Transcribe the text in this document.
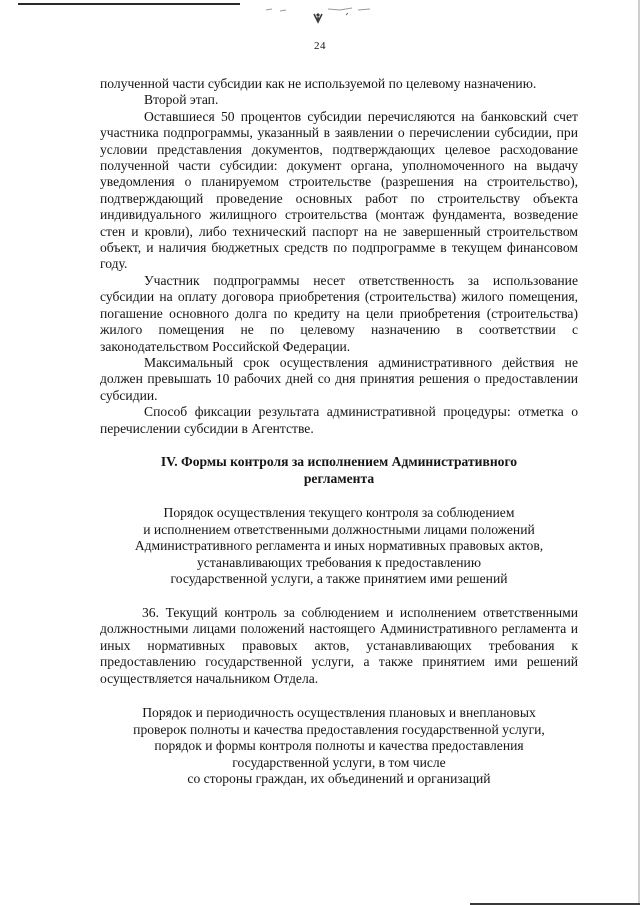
24

полученной части субсидии как не используемой по целевому назначению.

Второй этап.

Оставшиеся 50 процентов субсидии перечисляются на банковский счет участника подпрограммы, указанный в заявлении о перечислении субсидии, при условии представления документов, подтверждающих целевое расходование полученной части субсидии: документ органа, уполномоченного на выдачу уведомления о планируемом строительстве (разрешения на строительство), подтверждающий проведение основных работ по строительству объекта индивидуального жилищного строительства (монтаж фундамента, возведение стен и кровли), либо технический паспорт на не завершенный строительством объект, и наличия бюджетных средств по подпрограмме в текущем финансовом году.

Участник подпрограммы несет ответственность за использование субсидии на оплату договора приобретения (строительства) жилого помещения, погашение основного долга по кредиту на цели приобретения (строительства) жилого помещения не по целевому назначению в соответствии с законодательством Российской Федерации.

Максимальный срок осуществления административного действия не должен превышать 10 рабочих дней со дня принятия решения о предоставлении субсидии.

Способ фиксации результата административной процедуры: отметка о перечислении субсидии в Агентстве.

IV. Формы контроля за исполнением Административного
регламента
Порядок осуществления текущего контроля за соблюдением
и исполнением ответственными должностными лицами положений
Административного регламента и иных нормативных правовых актов,
устанавливающих требования к предоставлению
государственной услуги, а также принятием ими решений

36. Текущий контроль за соблюдением и исполнением ответственными должностными лицами положений настоящего Административного регламента и иных нормативных правовых актов, устанавливающих требования к предоставлению государственной услуги, а также принятием ими решений осуществляется начальником Отдела.

Порядок и периодичность осуществления плановых и внеплановых
проверок полноты и качества предоставления государственной услуги,
порядок и формы контроля полноты и качества предоставления
государственной услуги, в том числе
со стороны граждан, их объединений и организаций
